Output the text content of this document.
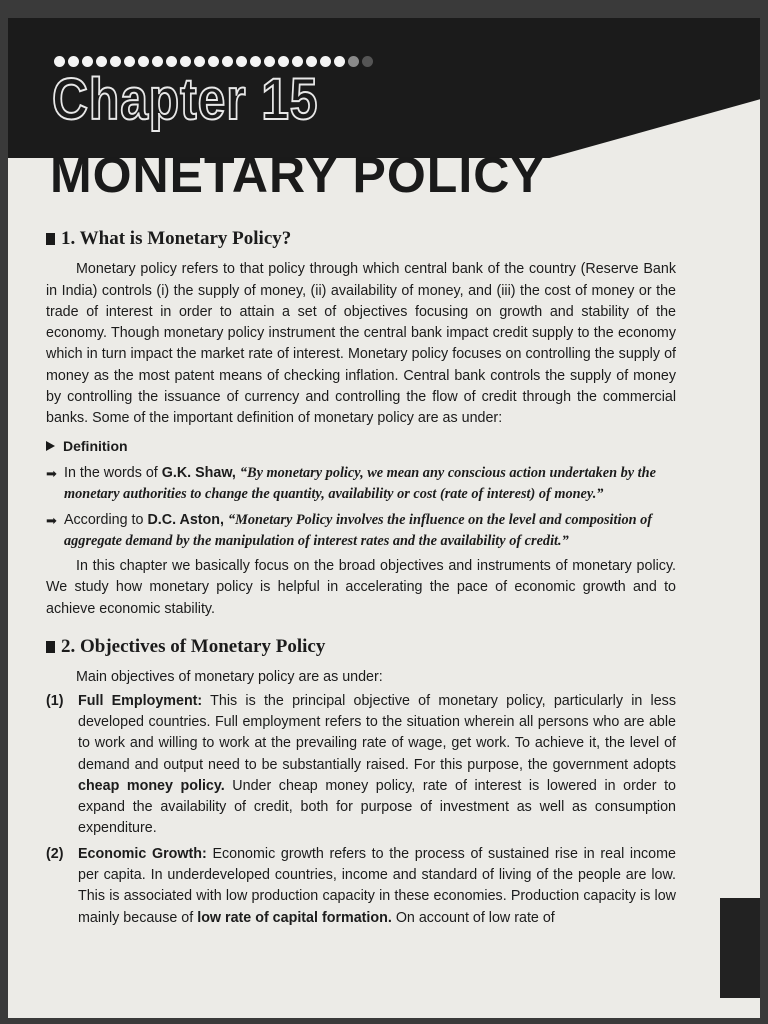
Chapter 15
MONETARY POLICY
1. What is Monetary Policy?

Monetary policy refers to that policy through which central bank of the country (Reserve Bank in India) controls (i) the supply of money, (ii) availability of money, and (iii) the cost of money or the trade of interest in order to attain a set of objectives focusing on growth and stability of the economy. Though monetary policy instrument the central bank impact credit supply to the economy which in turn impact the market rate of interest. Monetary policy focuses on controlling the supply of money as the most patent means of checking inflation. Central bank controls the supply of money by controlling the issuance of currency and controlling the flow of credit through the commercial banks. Some of the important definition of monetary policy are as under:

Definition
➡ In the words of G.K. Shaw, “By monetary policy, we mean any conscious action undertaken by the monetary authorities to change the quantity, availability or cost (rate of interest) of money.”
➡ According to D.C. Aston, “Monetary Policy involves the influence on the level and composition of aggregate demand by the manipulation of interest rates and the availability of credit.”

In this chapter we basically focus on the broad objectives and instruments of monetary policy. We study how monetary policy is helpful in accelerating the pace of economic growth and to achieve economic stability.

2. Objectives of Monetary Policy

Main objectives of monetary policy are as under:

(1)	Full Employment: This is the principal objective of monetary policy, particularly in less developed countries. Full employment refers to the situation wherein all persons who are able to work and willing to work at the prevailing rate of wage, get work. To achieve it, the level of demand and output need to be substantially raised. For this purpose, the government adopts cheap money policy. Under cheap money policy, rate of interest is lowered in order to expand the availability of credit, both for purpose of investment as well as consumption expenditure.
(2)	Economic Growth: Economic growth refers to the process of sustained rise in real income per capita. In underdeveloped countries, income and standard of living of the people are low. This is associated with low production capacity in these economies. Production capacity is low mainly because of low rate of capital formation. On account of low rate of
